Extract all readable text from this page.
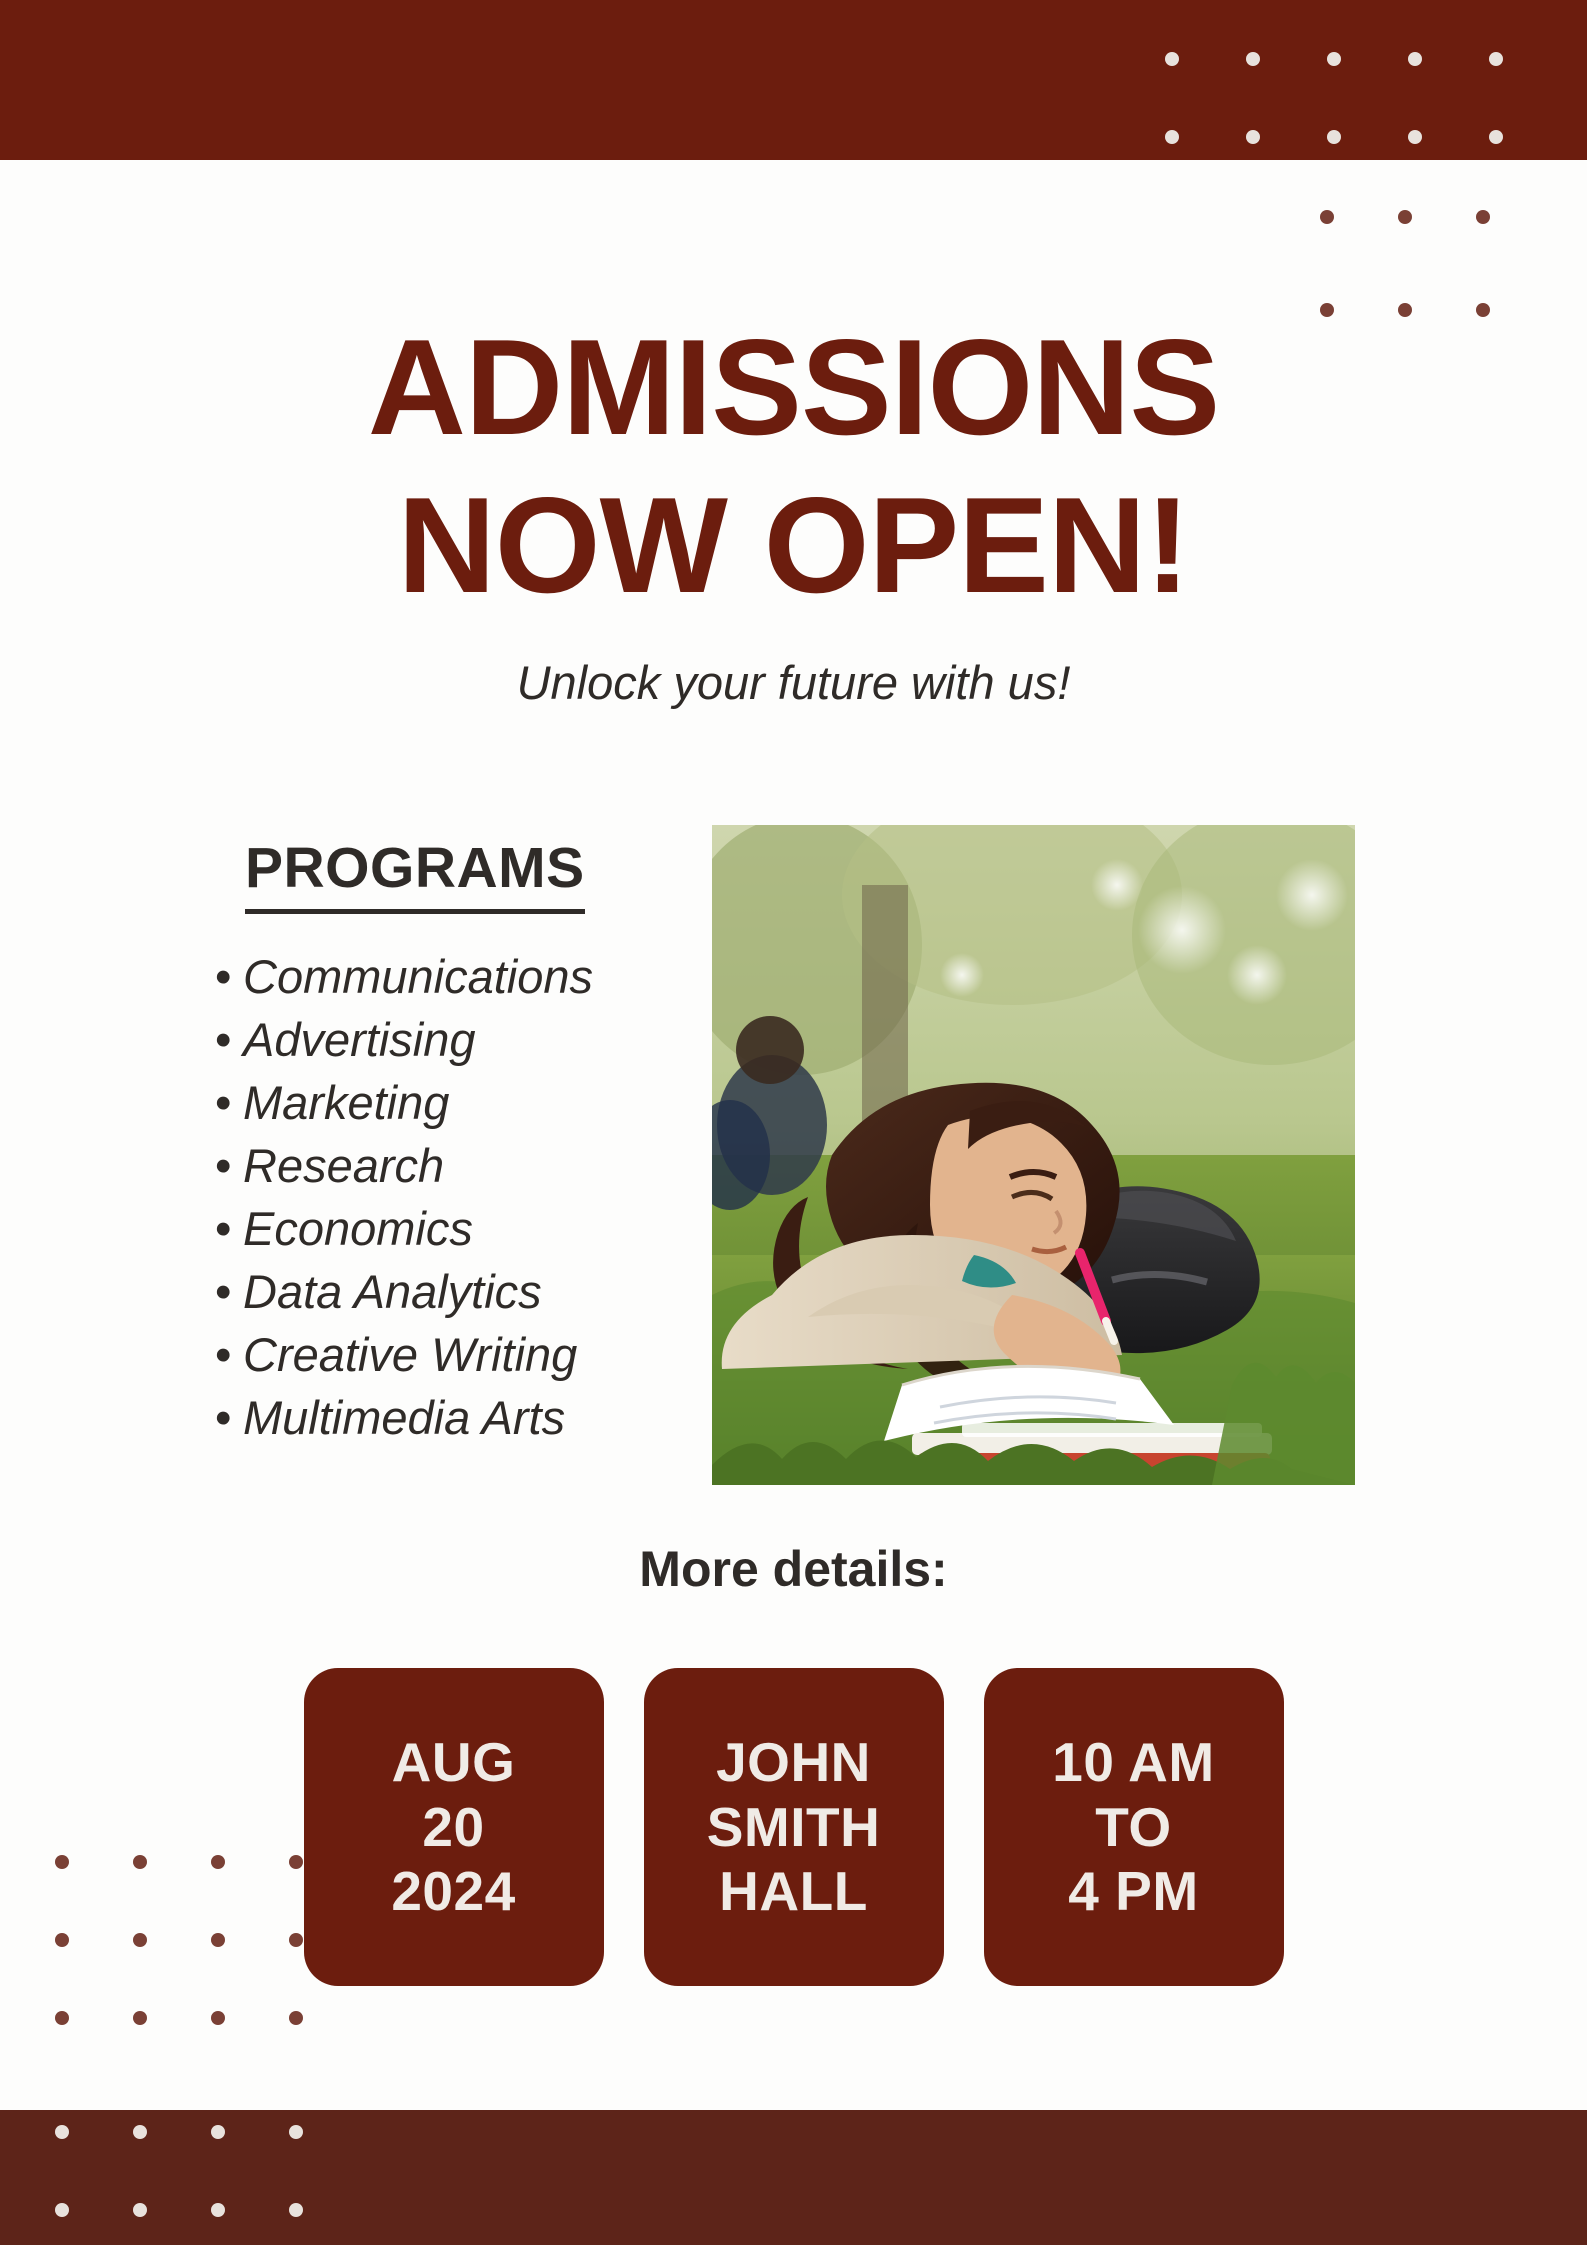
ADMISSIONS
NOW OPEN!
Unlock your future with us!
PROGRAMS
• Communications
• Advertising
• Marketing
• Research
• Economics
• Data Analytics
• Creative Writing
• Multimedia Arts
More details:
AUG
20
2024
JOHN
SMITH
HALL
10 AM
TO
4 PM
